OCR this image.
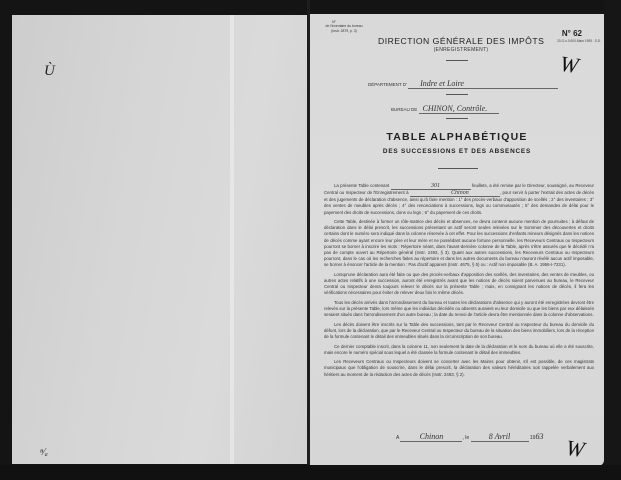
Ù
ⁿ⁄ₐ
N°
de l'inventaire du bureau
(Instr. 2879, p. 3)
DIRECTION GÉNÉRALE DES IMPÔTS
(ENREGISTREMENT)
N° 62
20-G-n.0.600-Mars 1955 - S.D.
W
DÉPARTEMENT D' Indre et Loire
BUREAU DE CHINON, Contrôle.
TABLE ALPHABÉTIQUE
DES SUCCESSIONS ET DES ABSENCES

La présente Table contenant	301	feuillets, a été remise par le Directeur, soussigné, au Receveur Central ou Inspecteur de l'Enregistrement à	Chinon	, pour servir à porter l'extrait des actes de décès et des jugements de déclaration d'absence, ainsi qu'à faire mention : 1° des procès-verbaux d'apposition de scellés ; 2° des inventaires ; 3° des ventes de meubles après décès ; 4° des renonciations à successions, legs ou communautés ; 5° des demandes de délai pour le payement des droits de successions, dons ou legs ; 6° du payement de ces droits.

Cette Table, destinée à former un rôle-matrice des décès et absences, ne devra contenir aucune mention de poursuites ; à défaut de déclaration dans le délai prescrit, les successions présentant un actif seront seules relevées sur le Sommier des découvertes et droits certains dont le numéro sera indiqué dans la colonne réservée à cet effet. Pour les successions d'enfants mineurs désignés dans les notices de décès comme ayant encore leur père et leur mère et ne possédant aucune fortune personnelle, les Receveurs Centraux ou Inspecteurs pourront se borner à inscrire les mots : Répertoire néant, dans l'avant-dernière colonne de la Table, après s'être assurés que le décédé n'a pas de compte ouvert au Répertoire général (Instr. 2493, § 3). Quant aux autres successions, les Receveurs Centraux ou Inspecteurs pourront, dans le cas où les recherches faites au répertoire et dans les autres documents du bureau n'auront révélé aucun actif imposable, se borner à énoncer l'article de la mention : Pas d'actif apparent (Instr. 4675, § 5) ou : Actif non imposable (B. A. 1956-I-7231).

Lorsqu'une déclaration aura été faite ou que des procès-verbaux d'apposition des scellés, des inventaires, des ventes de meubles, ou autres actes relatifs à une succession, auront été enregistrés avant que les notices de décès soient parvenues au bureau, le Receveur Central ou Inspecteur devra toujours relever le décès sur la présente Table ; mais, en consignant les notices de décès, il fera les vérifications nécessaires pour éviter de relever deux fois le même décès.

Tous les décès arrivés dans l'arrondissement du bureau et toutes les déclarations d'absence qui y auront été enregistrées devront être relevés sur la présente Table, lors même que les individus décédés ou absents auraient eu leur domicile ou que les biens par eux délaissés seraient situés dans l'arrondissement d'un autre bureau ; la date du renvoi de l'article devra être mentionnée dans la colonne d'observations.

Les décès doivent être inscrits sur la Table des successions, tant par le Receveur Central ou Inspecteur du bureau du domicile du défunt, lors de la déclaration, que par le Receveur Central ou Inspecteur du bureau de la situation des biens immobiliers, lors de la réception de la formule contenant le détail des immeubles situés dans la circonscription de son bureau.

Ce dernier comptable inscrit, dans la colonne 11, non seulement la date de la déclaration et le nom du bureau où elle a été souscrite, mais encore le numéro spécial sous lequel a été classée la formule contenant le détail des immeubles.

Les Receveurs Centraux ou Inspecteurs doivent se concerter avec les Maires pour obtenir, s'il est possible, de ces magistrats municipaux que l'obligation de souscrire, dans le délai prescrit, la déclaration des valeurs héréditaires soit rappelée verbalement aux héritiers au moment de la rédaction des actes de décès (Instr. 2493, § 2).

A	Chinon	, le 8 Avril	1963 W
